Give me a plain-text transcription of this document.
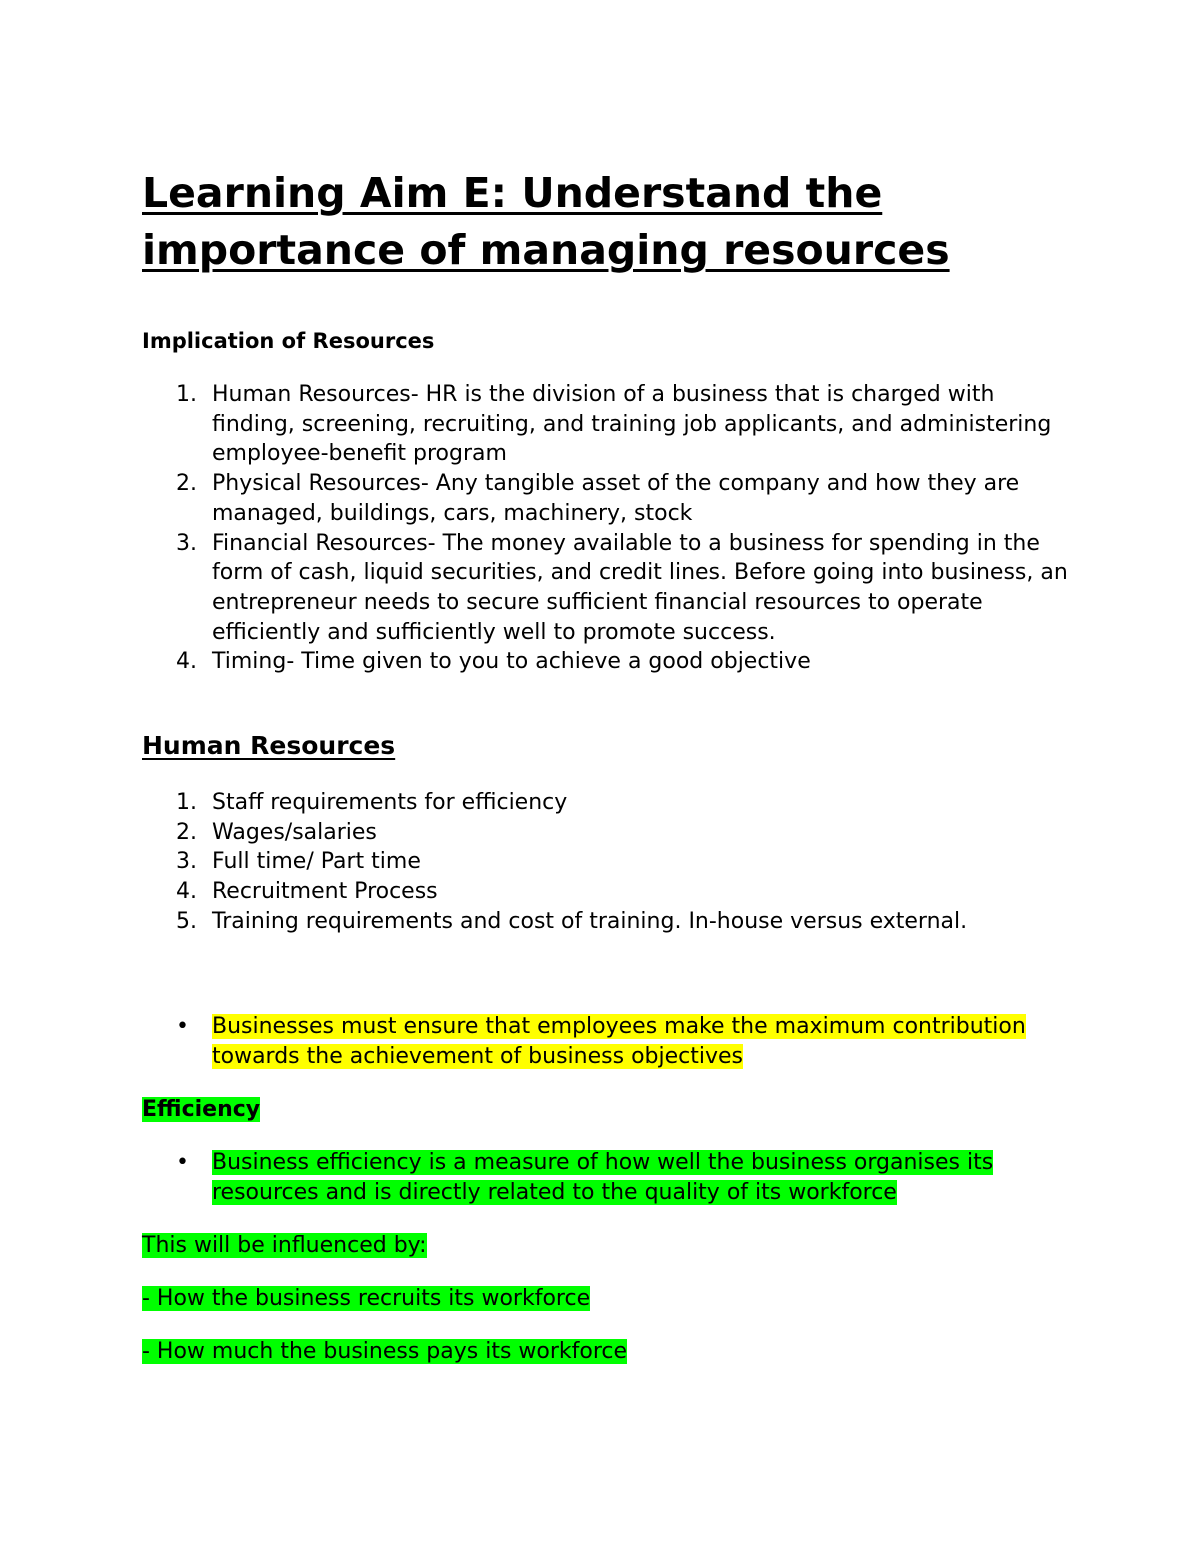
Learning Aim E: Understand the importance of managing resources

Implication of Resources

1. Human Resources- HR is the division of a business that is charged with finding, screening, recruiting, and training job applicants, and administering employee-benefit program
2. Physical Resources- Any tangible asset of the company and how they are managed, buildings, cars, machinery, stock
3. Financial Resources- The money available to a business for spending in the form of cash, liquid securities, and credit lines. Before going into business, an entrepreneur needs to secure sufficient financial resources to operate efficiently and sufficiently well to promote success.
4. Timing- Time given to you to achieve a good objective
Human Resources
1. Staff requirements for efficiency
2. Wages/salaries
3. Full time/ Part time
4. Recruitment Process
5. Training requirements and cost of training. In-house versus external.
• Businesses must ensure that employees make the maximum contribution towards the achievement of business objectives

Efficiency

• Business efficiency is a measure of how well the business organises its resources and is directly related to the quality of its workforce

This will be influenced by:

- How the business recruits its workforce

- How much the business pays its workforce
